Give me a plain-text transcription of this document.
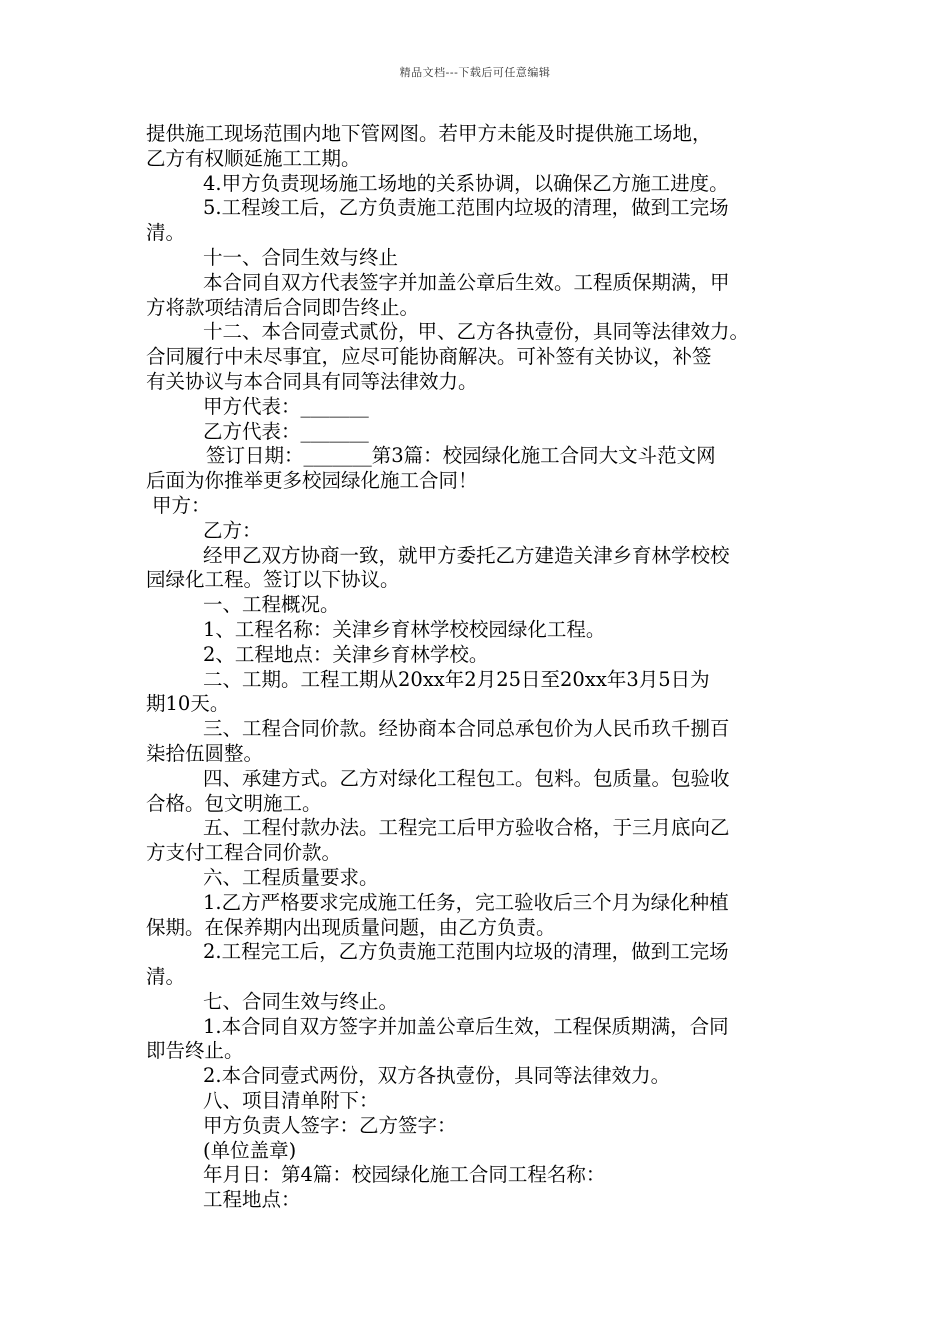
精品文档---下载后可任意编辑
提供施工现场范围内地下管网图。若甲方未能及时提供施工场地，
乙方有权顺延施工工期。
4.甲方负责现场施工场地的关系协调，以确保乙方施工进度。
5.工程竣工后，乙方负责施工范围内垃圾的清理，做到工完场
清。
十一、合同生效与终止
本合同自双方代表签字并加盖公章后生效。工程质保期满，甲
方将款项结清后合同即告终止。
十二、本合同壹式贰份，甲、乙方各执壹份，具同等法律效力。
合同履行中未尽事宜，应尽可能协商解决。可补签有关协议，补签
有关协议与本合同具有同等法律效力。
甲方代表：_______
乙方代表：_______
签订日期：_______第3篇：校园绿化施工合同大文斗范文网
后面为你推举更多校园绿化施工合同！
甲方：
乙方：
经甲乙双方协商一致，就甲方委托乙方建造关津乡育林学校校
园绿化工程。签订以下协议。
一、工程概况。
1、工程名称：关津乡育林学校校园绿化工程。
2、工程地点：关津乡育林学校。
二、工期。工程工期从20xx年2月25日至20xx年3月5日为
期10天。
三、工程合同价款。经协商本合同总承包价为人民币玖千捌百
柒拾伍圆整。
四、承建方式。乙方对绿化工程包工。包料。包质量。包验收
合格。包文明施工。
五、工程付款办法。工程完工后甲方验收合格，于三月底向乙
方支付工程合同价款。
六、工程质量要求。
1.乙方严格要求完成施工任务，完工验收后三个月为绿化种植
保期。在保养期内出现质量问题，由乙方负责。
2.工程完工后，乙方负责施工范围内垃圾的清理，做到工完场
清。
七、合同生效与终止。
1.本合同自双方签字并加盖公章后生效，工程保质期满，合同
即告终止。
2.本合同壹式两份，双方各执壹份，具同等法律效力。
八、项目清单附下：
甲方负责人签字：乙方签字：
(单位盖章)
年月日：第4篇：校园绿化施工合同工程名称：
工程地点：
